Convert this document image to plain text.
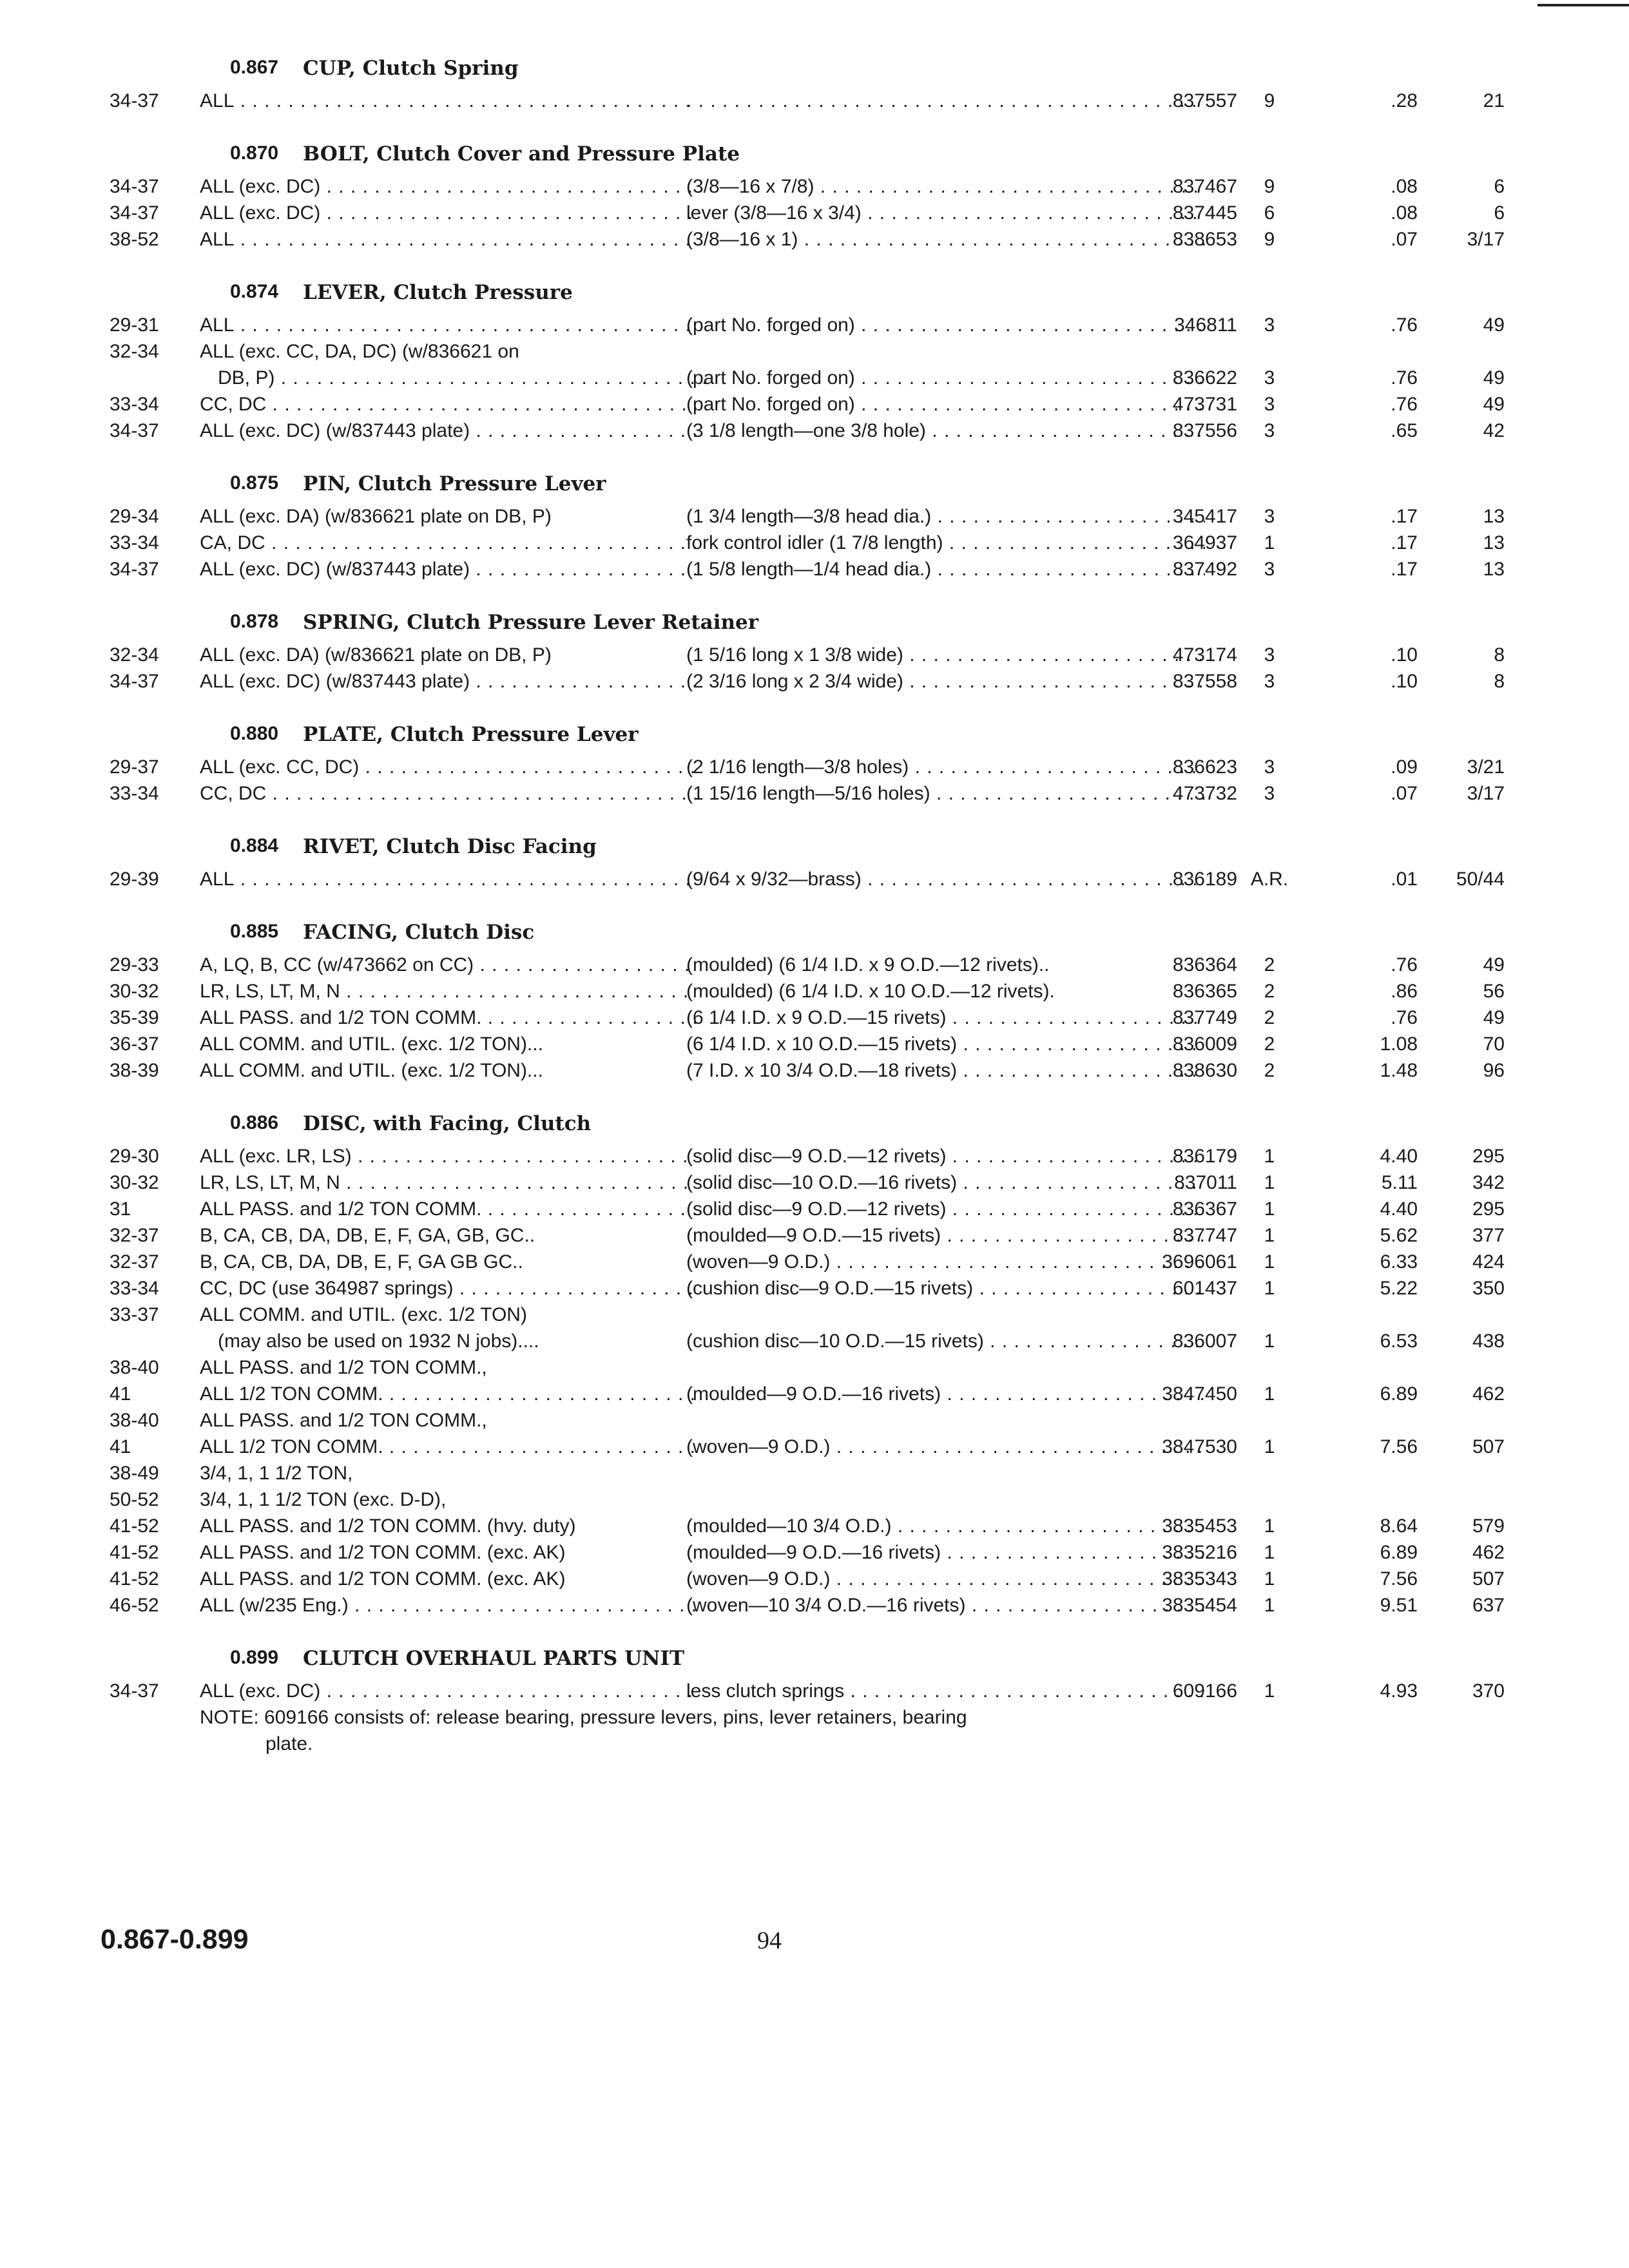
0.867 CUP, Clutch Spring
34-37	ALL . . .
. . .	837557	9	.28	21
0.870 BOLT, Clutch Cover and Pressure Plate
34-37	ALL (exc. DC) . . .	(3/8—16 x 7/8) . . .	837467	9	.08	6
34-37	ALL (exc. DC) . . .	lever (3/8—16 x 3/4) . . .	837445	6	.08	6
38-52	ALL . . .	(3/8—16 x 1) . . .	838653	9	.07	3/17
0.874 LEVER, Clutch Pressure
29-31	ALL . . .	(part No. forged on) . . .	346811	3	.76	49
32-34	ALL (exc. CC, DA, DC) (w/836621 on
DB, P) . . .	(part No. forged on) . . .	836622	3	.76	49
33-34	CC, DC . . .	(part No. forged on) . . .	473731	3	.76	49
34-37	ALL (exc. DC) (w/837443 plate) . . .	(3 1/8 length—one 3/8 hole) . . .	837556	3	.65	42
0.875 PIN, Clutch Pressure Lever
29-34	ALL (exc. DA) (w/836621 plate on DB, P)	(1 3/4 length—3/8 head dia.) . . .	345417	3	.17	13
33-34	CA, DC . . .	fork control idler (1 7/8 length) . . .	364937	1	.17	13
34-37	ALL (exc. DC) (w/837443 plate) . . .	(1 5/8 length—1/4 head dia.) . . .	837492	3	.17	13
0.878 SPRING, Clutch Pressure Lever Retainer
32-34	ALL (exc. DA) (w/836621 plate on DB, P)	(1 5/16 long x 1 3/8 wide) . . .	473174	3	.10	8
34-37	ALL (exc. DC) (w/837443 plate) . . .	(2 3/16 long x 2 3/4 wide) . . .	837558	3	.10	8
0.880 PLATE, Clutch Pressure Lever
29-37	ALL (exc. CC, DC) . . .	(2 1/16 length—3/8 holes) . . .	836623	3	.09	3/21
33-34	CC, DC . . .	(1 15/16 length—5/16 holes) . . .	473732	3	.07	3/17
0.884 RIVET, Clutch Disc Facing
29-39	ALL . . .	(9/64 x 9/32—brass) . . .	836189 A.R.	.01	50/44
0.885 FACING, Clutch Disc
29-33	A, LQ, B, CC (w/473662 on CC) . . .	(moulded) (6 1/4 I.D. x 9 O.D.—12 rivets)..	836364	2	.76	49
30-32	LR, LS, LT, M, N . . .	(moulded) (6 1/4 I.D. x 10 O.D.—12 rivets).	836365	2	.86	56
35-39	ALL PASS. and 1/2 TON COMM. . . .	(6 1/4 I.D. x 9 O.D.—15 rivets) . . .	837749	2	.76	49
36-37	ALL COMM. and UTIL. (exc. 1/2 TON)...	(6 1/4 I.D. x 10 O.D.—15 rivets) . . .	836009	2	1.08	70
38-39	ALL COMM. and UTIL. (exc. 1/2 TON)...	(7 I.D. x 10 3/4 O.D.—18 rivets) . . .	838630	2	1.48	96
0.886 DISC, with Facing, Clutch
29-30	ALL (exc. LR, LS) . . .	(solid disc—9 O.D.—12 rivets) . . .	836179	1	4.40	295
30-32	LR, LS, LT, M, N . . .	(solid disc—10 O.D.—16 rivets) . . .	837011	1	5.11	342
31	ALL PASS. and 1/2 TON COMM. . . .	(solid disc—9 O.D.—12 rivets) . . .	836367	1	4.40	295
32-37	B, CA, CB, DA, DB, E, F, GA, GB, GC..	(moulded—9 O.D.—15 rivets) . . .	837747	1	5.62	377
32-37	B, CA, CB, DA, DB, E, F, GA GB GC..	(woven—9 O.D.) . . .	3696061	1	6.33	424
33-34	CC, DC (use 364987 springs) . . .	(cushion disc—9 O.D.—15 rivets) . . .	601437	1	5.22	350
33-37	ALL COMM. and UTIL. (exc. 1/2 TON)
(may also be used on 1932 N jobs)....	(cushion disc—10 O.D.—15 rivets) . . .	836007	1	6.53	438
38-40	ALL PASS. and 1/2 TON COMM.,
41	ALL 1/2 TON COMM. . . .	(moulded—9 O.D.—16 rivets) . . .	3847450	1	6.89	462
38-40	ALL PASS. and 1/2 TON COMM.,
41	ALL 1/2 TON COMM. . . .	(woven—9 O.D.) . . .	3847530	1	7.56	507
38-49	3/4, 1, 1 1/2 TON,
50-52	3/4, 1, 1 1/2 TON (exc. D-D),
41-52	ALL PASS. and 1/2 TON COMM. (hvy. duty)	(moulded—10 3/4 O.D.) . . .	3835453	1	8.64	579
41-52	ALL PASS. and 1/2 TON COMM. (exc. AK)	(moulded—9 O.D.—16 rivets) . . .	3835216	1	6.89	462
41-52	ALL PASS. and 1/2 TON COMM. (exc. AK)	(woven—9 O.D.) . . .	3835343	1	7.56	507
46-52	ALL (w/235 Eng.) . . .	(woven—10 3/4 O.D.—16 rivets) . . .	3835454	1	9.51	637
0.899 CLUTCH OVERHAUL PARTS UNIT
34-37	ALL (exc. DC) . . .	less clutch springs . . .	609166	1	4.93	370
NOTE: 609166 consists of: release bearing, pressure levers, pins, lever retainers, bearing
plate.
0.867-0.899	94
